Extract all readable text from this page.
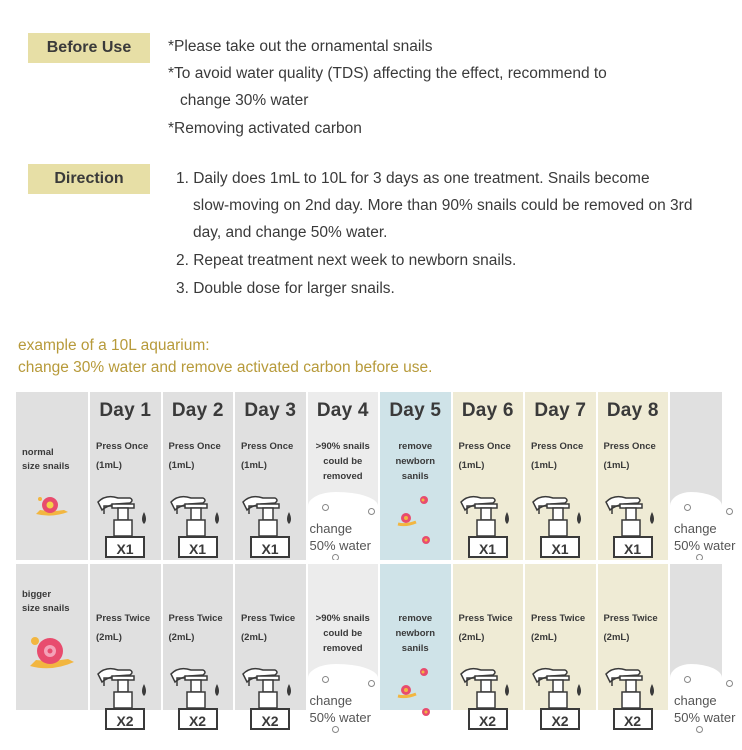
Before Use	*Please take out the ornamental snails
*To avoid water quality (TDS) affecting the effect, recommend to
change 30% water
*Removing activated carbon
Direction	1. Daily does 1mL to 10L for 3 days as one treatment. Snails become
slow-moving on 2nd day. More than 90% snails could be removed on 3rd
day, and change 50% water.
2. Repeat treatment next week to newborn snails.
3. Double dose for larger snails.
example of a 10L aquarium:
change 30% water and remove activated carbon before use.
normal
size snails
bigger
size snails
Day 1
Press Once
(1mL)
X1
Press Twice
(2mL)
X2
Day 2
Press Once
(1mL)
X1
Press Twice
(2mL)
X2
Day 3
Press Once
(1mL)
X1
Press Twice
(2mL)
X2
Day 4
>90% snails
could be
removed
change
50% water
>90% snails
could be
removed
change
50% water
Day 5
remove
newborn
sanils
remove
newborn
sanils
Day 6
Press Once
(1mL)
X1
Press Twice
(2mL)
X2
Day 7
Press Once
(1mL)
X1
Press Twice
(2mL)
X2
Day 8
Press Once
(1mL)
X1
Press Twice
(2mL)
X2
change
50% water
change
50% water
